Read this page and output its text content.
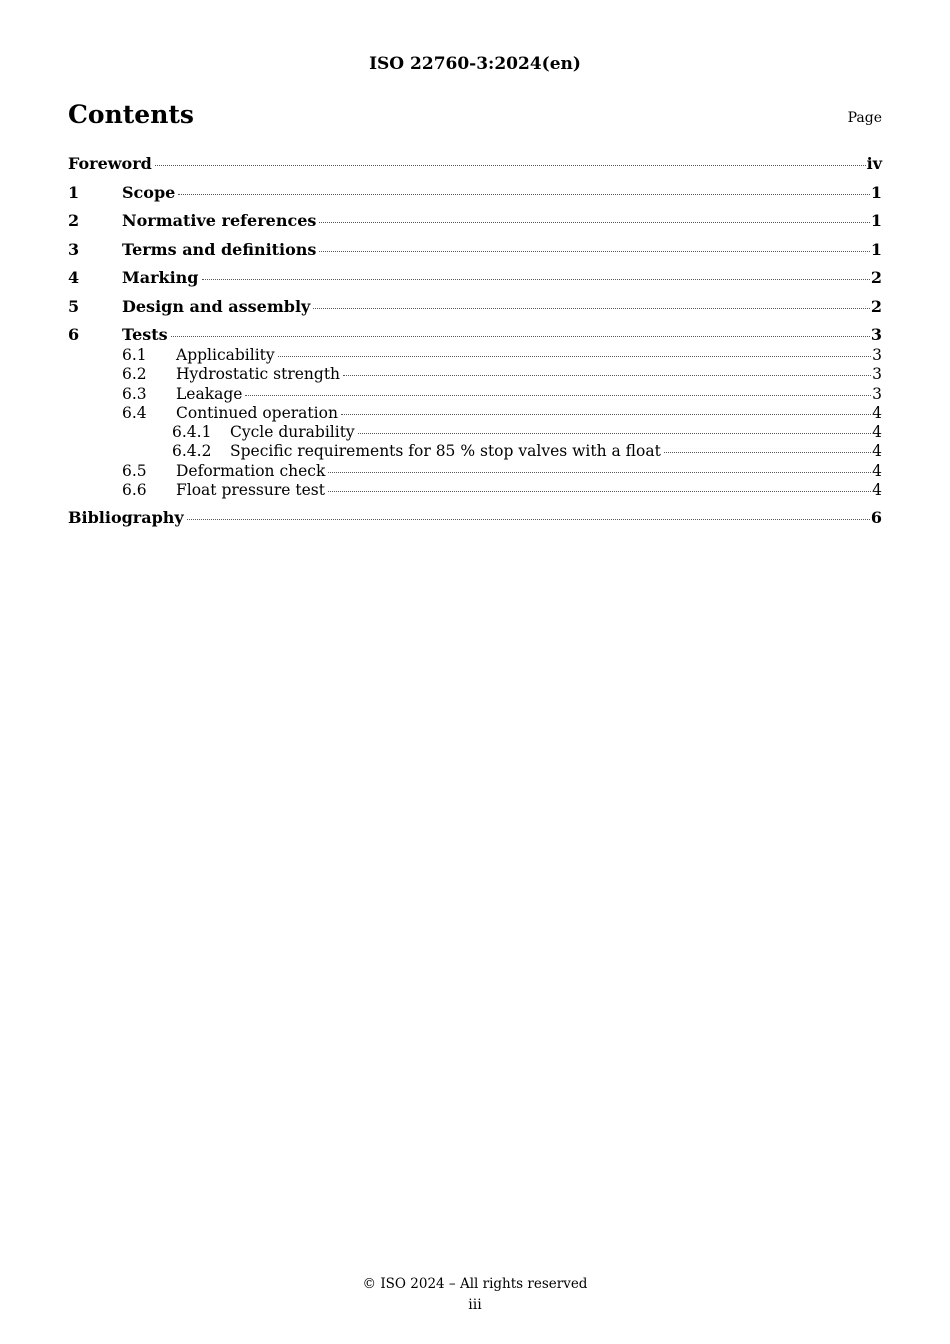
ISO 22760-3:2024(en)
Contents	Page
Foreword	iv
1	Scope	1
2	Normative references	1
3	Terms and definitions	1
4	Marking	2
5	Design and assembly	2
6	Tests	3
6.1	Applicability	3
6.2	Hydrostatic strength	3
6.3	Leakage	3
6.4	Continued operation	4
6.4.1	Cycle durability	4
6.4.2	Specific requirements for 85 % stop valves with a float	4
6.5	Deformation check	4
6.6	Float pressure test	4
Bibliography	6
© ISO 2024 – All rights reserved
iii
